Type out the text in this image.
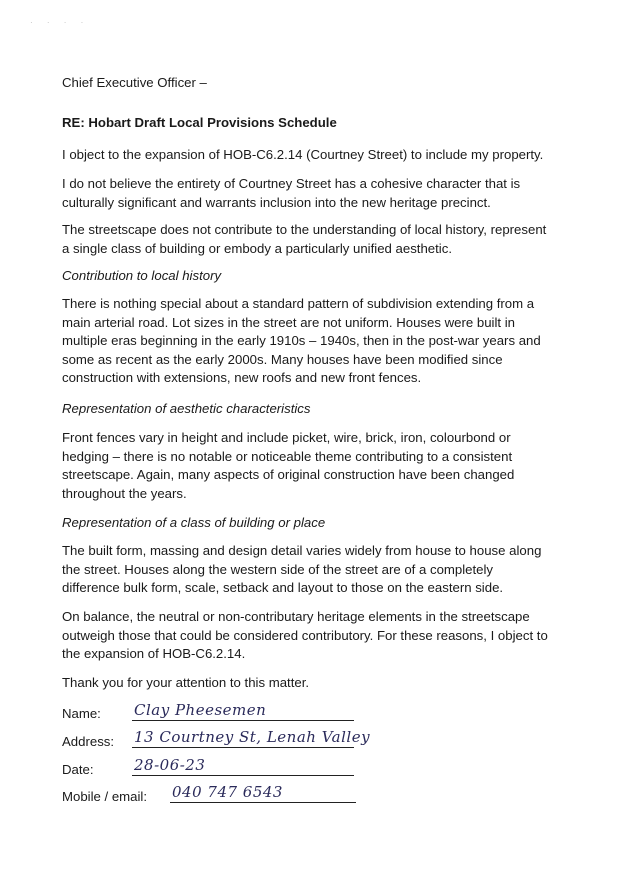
· · · ·
Chief Executive Officer –
RE: Hobart Draft Local Provisions Schedule
I object to the expansion of HOB-C6.2.14 (Courtney Street) to include my property.
I do not believe the entirety of Courtney Street has a cohesive character that is
culturally significant and warrants inclusion into the new heritage precinct.
The streetscape does not contribute to the understanding of local history, represent
a single class of building or embody a particularly unified aesthetic.
Contribution to local history
There is nothing special about a standard pattern of subdivision extending from a
main arterial road. Lot sizes in the street are not uniform. Houses were built in
multiple eras beginning in the early 1910s – 1940s, then in the post-war years and
some as recent as the early 2000s. Many houses have been modified since
construction with extensions, new roofs and new front fences.
Representation of aesthetic characteristics
Front fences vary in height and include picket, wire, brick, iron, colourbond or
hedging – there is no notable or noticeable theme contributing to a consistent
streetscape. Again, many aspects of original construction have been changed
throughout the years.
Representation of a class of building or place
The built form, massing and design detail varies widely from house to house along
the street. Houses along the western side of the street are of a completely
difference bulk form, scale, setback and layout to those on the eastern side.
On balance, the neutral or non-contributary heritage elements in the streetscape
outweigh those that could be considered contributory. For these reasons, I object to
the expansion of HOB-C6.2.14.
Thank you for your attention to this matter.
Name: Clay Pheesemen
Address: 13 Courtney St, Lenah Valley
Date:	28-06-23
Mobile / email: 040 747 6543
